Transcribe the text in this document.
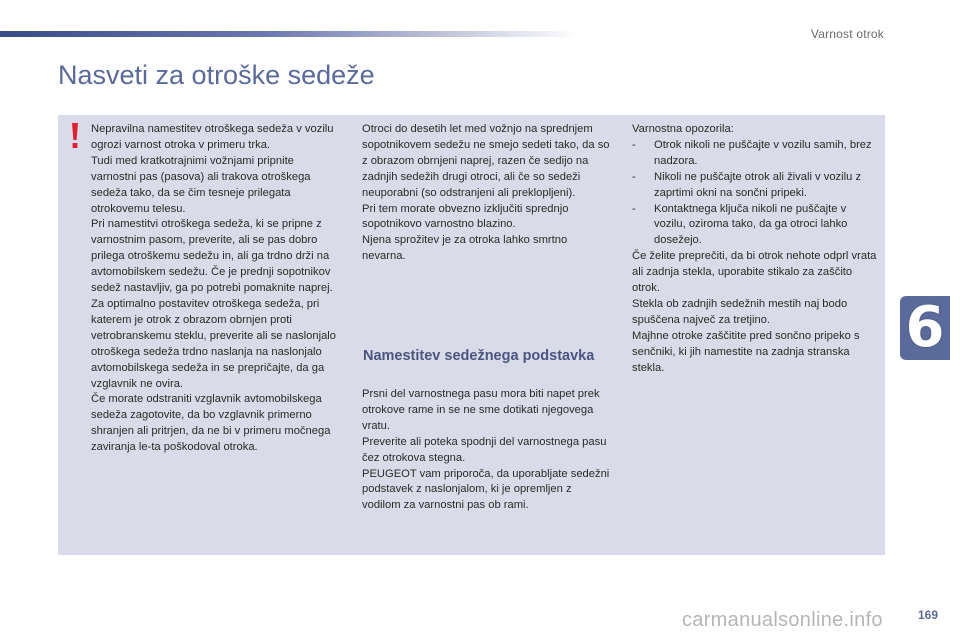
Varnost otrok
Nasveti za otroške sedeže

Nepravilna namestitev otroškega sedeža v vozilu ogrozi varnost otroka v primeru trka.

Tudi med kratkotrajnimi vožnjami pripnite varnostni pas (pasova) ali trakova otroškega sedeža tako, da se čim tesneje prilegata otrokovemu telesu.

Pri namestitvi otroškega sedeža, ki se pripne z varnostnim pasom, preverite, ali se pas dobro prilega otroškemu sedežu in, ali ga trdno drži na avtomobilskem sedežu. Če je prednji sopotnikov sedež nastavljiv, ga po potrebi pomaknite naprej.

Za optimalno postavitev otroškega sedeža, pri katerem je otrok z obrazom obrnjen proti vetrobranskemu steklu, preverite ali se naslonjalo otroškega sedeža trdno naslanja na naslonjalo avtomobilskega sedeža in se prepričajte, da ga vzglavnik ne ovira.

Če morate odstraniti vzglavnik avtomobilskega sedeža zagotovite, da bo vzglavnik primerno shranjen ali pritrjen, da ne bi v primeru močnega zaviranja le-ta poškodoval otroka.

Otroci do desetih let med vožnjo na sprednjem sopotnikovem sedežu ne smejo sedeti tako, da so z obrazom obrnjeni naprej, razen če sedijo na zadnjih sedežih drugi otroci, ali če so sedeži neuporabni (so odstranjeni ali preklopljeni).

Pri tem morate obvezno izključiti sprednjo sopotnikovo varnostno blazino.

Njena sprožitev je za otroka lahko smrtno nevarna.

Namestitev sedežnega podstavka

Prsni del varnostnega pasu mora biti napet prek otrokove rame in se ne sme dotikati njegovega vratu.

Preverite ali poteka spodnji del varnostnega pasu čez otrokova stegna.

PEUGEOT vam priporoča, da uporabljate sedežni podstavek z naslonjalom, ki je opremljen z vodilom za varnostni pas ob rami.

Varnostna opozorila:

- Otrok nikoli ne puščajte v vozilu samih, brez nadzora.
- Nikoli ne puščajte otrok ali živali v vozilu z zaprtimi okni na sončni pripeki.
- Kontaktnega ključa nikoli ne puščajte v vozilu, oziroma tako, da ga otroci lahko dosežejo.

Če želite preprečiti, da bi otrok nehote odprl vrata ali zadnja stekla, uporabite stikalo za zaščito otrok.

Stekla ob zadnjih sedežnih mestih naj bodo spuščena največ za tretjino.

Majhne otroke zaščitite pred sončno pripeko s senčniki, ki jih namestite na zadnja stranska stekla.

6
169
carmanualsonline.info
